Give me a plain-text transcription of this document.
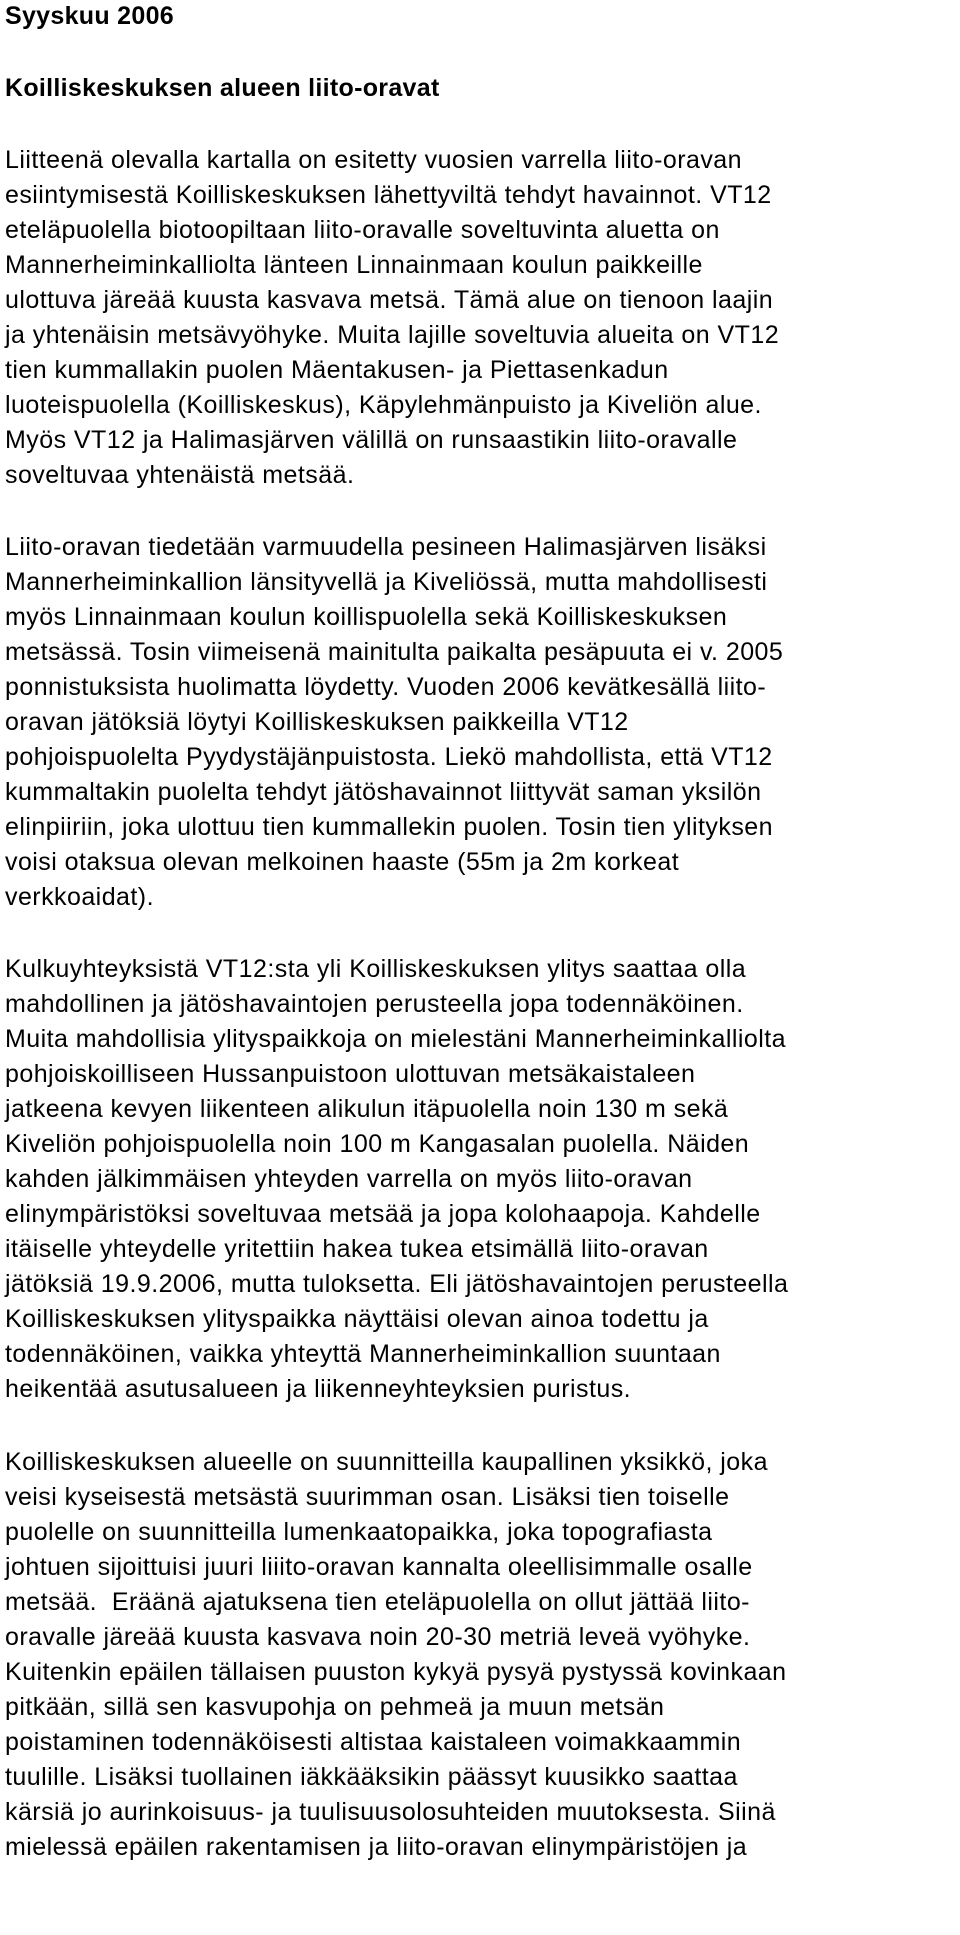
Syyskuu 2006
Koilliskeskuksen alueen liito-oravat
Liitteenä olevalla kartalla on esitetty vuosien varrella liito-oravan
esiintymisestä Koilliskeskuksen lähettyviltä tehdyt havainnot. VT12
eteläpuolella biotoopiltaan liito-oravalle soveltuvinta aluetta on
Mannerheiminkalliolta länteen Linnainmaan koulun paikkeille
ulottuva järeää kuusta kasvava metsä. Tämä alue on tienoon laajin
ja yhtenäisin metsävyöhyke. Muita lajille soveltuvia alueita on VT12
tien kummallakin puolen Mäentakusen- ja Piettasenkadun
luoteispuolella (Koilliskeskus), Käpylehmänpuisto ja Kiveliön alue.
Myös VT12 ja Halimasjärven välillä on runsaastikin liito-oravalle
soveltuvaa yhtenäistä metsää.
Liito-oravan tiedetään varmuudella pesineen Halimasjärven lisäksi
Mannerheiminkallion länsityvellä ja Kiveliössä, mutta mahdollisesti
myös Linnainmaan koulun koillispuolella sekä Koilliskeskuksen
metsässä. Tosin viimeisenä mainitulta paikalta pesäpuuta ei v. 2005
ponnistuksista huolimatta löydetty. Vuoden 2006 kevätkesällä liito-
oravan jätöksiä löytyi Koilliskeskuksen paikkeilla VT12
pohjoispuolelta Pyydystäjänpuistosta. Liekö mahdollista, että VT12
kummaltakin puolelta tehdyt jätöshavainnot liittyvät saman yksilön
elinpiiriin, joka ulottuu tien kummallekin puolen. Tosin tien ylityksen
voisi otaksua olevan melkoinen haaste (55m ja 2m korkeat
verkkoaidat).
Kulkuyhteyksistä VT12:sta yli Koilliskeskuksen ylitys saattaa olla
mahdollinen ja jätöshavaintojen perusteella jopa todennäköinen.
Muita mahdollisia ylityspaikkoja on mielestäni Mannerheiminkalliolta
pohjoiskoilliseen Hussanpuistoon ulottuvan metsäkaistaleen
jatkeena kevyen liikenteen alikulun itäpuolella noin 130 m sekä
Kiveliön pohjoispuolella noin 100 m Kangasalan puolella. Näiden
kahden jälkimmäisen yhteyden varrella on myös liito-oravan
elinympäristöksi soveltuvaa metsää ja jopa kolohaapoja. Kahdelle
itäiselle yhteydelle yritettiin hakea tukea etsimällä liito-oravan
jätöksiä 19.9.2006, mutta tuloksetta. Eli jätöshavaintojen perusteella
Koilliskeskuksen ylityspaikka näyttäisi olevan ainoa todettu ja
todennäköinen, vaikka yhteyttä Mannerheiminkallion suuntaan
heikentää asutusalueen ja liikenneyhteyksien puristus.
Koilliskeskuksen alueelle on suunnitteilla kaupallinen yksikkö, joka
veisi kyseisestä metsästä suurimman osan. Lisäksi tien toiselle
puolelle on suunnitteilla lumenkaatopaikka, joka topografiasta
johtuen sijoittuisi juuri liiito-oravan kannalta oleellisimmalle osalle
metsää.  Eräänä ajatuksena tien eteläpuolella on ollut jättää liito-
oravalle järeää kuusta kasvava noin 20-30 metriä leveä vyöhyke.
Kuitenkin epäilen tällaisen puuston kykyä pysyä pystyssä kovinkaan
pitkään, sillä sen kasvupohja on pehmeä ja muun metsän
poistaminen todennäköisesti altistaa kaistaleen voimakkaammin
tuulille. Lisäksi tuollainen iäkkääksikin päässyt kuusikko saattaa
kärsiä jo aurinkoisuus- ja tuulisuusolosuhteiden muutoksesta. Siinä
mielessä epäilen rakentamisen ja liito-oravan elinympäristöjen ja
